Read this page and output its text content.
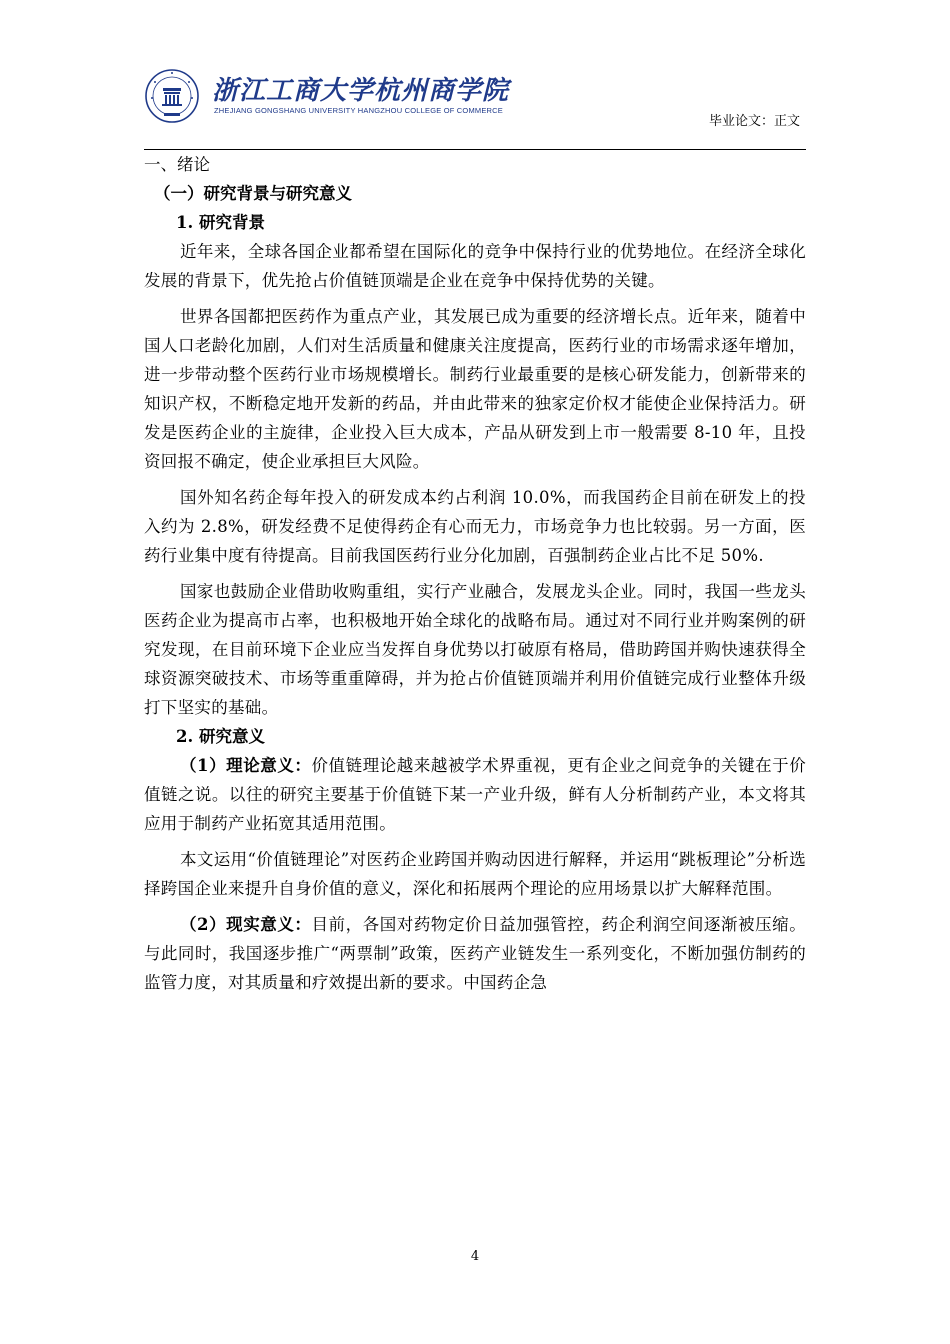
浙江工商大学杭州商学院
ZHEJIANG GONGSHANG UNIVERSITY HANGZHOU COLLEGE OF COMMERCE
毕业论文：正文
一、绪论
（一）研究背景与研究意义
1. 研究背景

近年来，全球各国企业都希望在国际化的竞争中保持行业的优势地位。在经济全球化发展的背景下，优先抢占价值链顶端是企业在竞争中保持优势的关键。

世界各国都把医药作为重点产业，其发展已成为重要的经济增长点。近年来，随着中国人口老龄化加剧，人们对生活质量和健康关注度提高，医药行业的市场需求逐年增加，进一步带动整个医药行业市场规模增长。制药行业最重要的是核心研发能力，创新带来的知识产权，不断稳定地开发新的药品，并由此带来的独家定价权才能使企业保持活力。研发是医药企业的主旋律，企业投入巨大成本，产品从研发到上市一般需要 8-10 年，且投资回报不确定，使企业承担巨大风险。

国外知名药企每年投入的研发成本约占利润 10.0%，而我国药企目前在研发上的投入约为 2.8%，研发经费不足使得药企有心而无力，市场竞争力也比较弱。另一方面，医药行业集中度有待提高。目前我国医药行业分化加剧，百强制药企业占比不足 50%.

国家也鼓励企业借助收购重组，实行产业融合，发展龙头企业。同时，我国一些龙头医药企业为提高市占率，也积极地开始全球化的战略布局。通过对不同行业并购案例的研究发现，在目前环境下企业应当发挥自身优势以打破原有格局，借助跨国并购快速获得全球资源突破技术、市场等重重障碍，并为抢占价值链顶端并利用价值链完成行业整体升级打下坚实的基础。

2. 研究意义

（1）理论意义：价值链理论越来越被学术界重视，更有企业之间竞争的关键在于价值链之说。以往的研究主要基于价值链下某一产业升级，鲜有人分析制药产业，本文将其应用于制药产业拓宽其适用范围。

本文运用“价值链理论”对医药企业跨国并购动因进行解释，并运用“跳板理论”分析选择跨国企业来提升自身价值的意义，深化和拓展两个理论的应用场景以扩大解释范围。

（2）现实意义：目前，各国对药物定价日益加强管控，药企利润空间逐渐被压缩。与此同时，我国逐步推广“两票制”政策，医药产业链发生一系列变化，不断加强仿制药的监管力度，对其质量和疗效提出新的要求。中国药企急

4
